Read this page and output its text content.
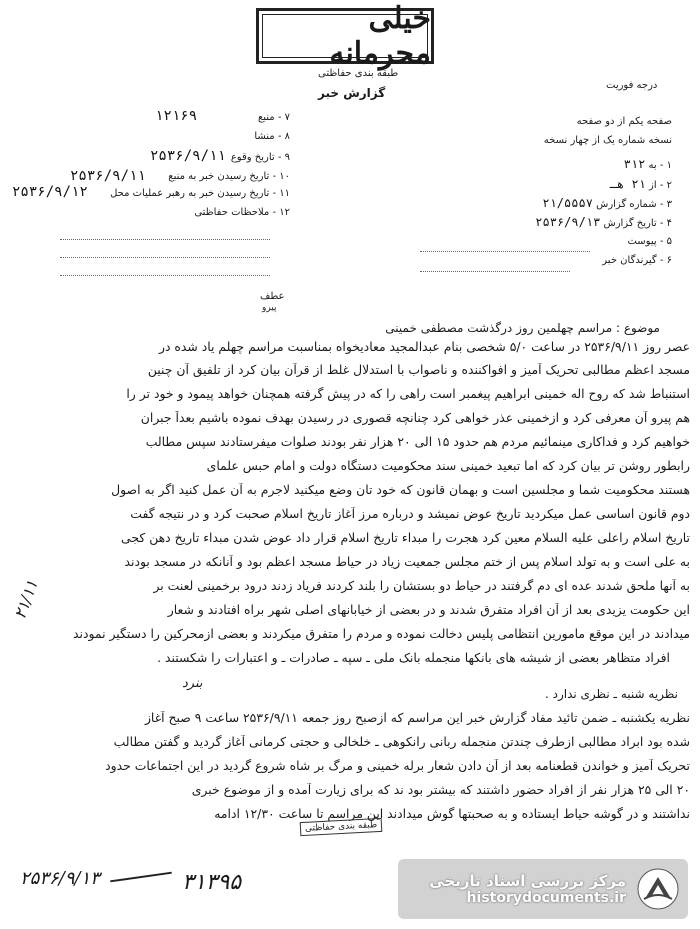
خیلی محرمانه
طبقه بندی حفاظتی
گزارش خبر
درجه فوریت
صفحه یکم از دو صفحه
نسخه شماره یک از چهار نسخه
۱ - به ۳۱۲
۲ - از ۲۱ هـ
۳ - شماره گزارش ۲۱/۵۵۵۷
۴ - تاریخ گزارش ۲۵۳۶/۹/۱۳
۵ - پیوست
۶ - گیرندگان خبر
۷ - منبع
۱۲۱۶۹
۸ - منشا
۹ - تاریخ وقوع
۲۵۳۶/۹/۱۱
۱۰ - تاریخ رسیدن خبر به منبع
۲۵۳۶/۹/۱۱
۱۱ - تاریخ رسیدن خبر به رهبر عملیات محل
۲۵۳۶/۹/۱۲
۱۲ - ملاحظات حفاظتی
عطف
پیرو
موضوع : مراسم چهلمین روز درگذشت مصطفی خمینی
عصر روز ۲۵۳۶/۹/۱۱ در ساعت ۵/۰ شخصی بنام عبدالمجید معادیخواه بمناسبت مراسم چهلم یاد شده در
مسجد اعظم مطالبی تحریک آمیز و افواکننده و ناصواب با استدلال غلط از قرآن بیان کرد از تلفیق آن چنین
استنباط شد که روح اله خمینی ابراهیم پیغمبر است راهی را که در پیش گرفته همچنان خواهد پیمود و خود تر را
هم پیرو آن معرفی کرد و ازخمینی عذر خواهی کرد چنانچه قصوری در رسیدن بهدف نموده باشیم بعداً جبران
خواهیم کرد و فداکاری مینمائیم مردم هم حدود ۱۵ الی ۲۰ هزار نفر بودند صلوات میفرستادند سپس مطالب
رابطور روشن تر بیان کرد که اما تبعید خمینی سند محکومیت دستگاه دولت و امام حبس علمای
هستند محکومیت شما و مجلسین است و بهمان قانون که خود تان وضع میکنید لاجرم به آن عمل کنید اگر به اصول
دوم قانون اساسی عمل میکردید تاریخ عوض نمیشد و درباره مرز آغاز تاریخ اسلام صحبت کرد و در نتیجه گفت
تاریخ اسلام راعلی علیه السلام معین کرد هجرت را مبداء تاریخ اسلام قرار داد عوض شدن مبداء تاریخ دهن کجی
به علی است و به تولد اسلام پس از ختم مجلس جمعیت زیاد در حیاط مسجد اعظم بود و آنانکه در مسجد بودند
به آنها ملحق شدند عده ای دم گرفتند در حیاط دو بستشان را بلند کردند فریاد زدند درود برخمینی لعنت بر
این حکومت یزیدی بعد از آن افراد متفرق شدند و در بعضی از خیابانهای اصلی شهر براه افتادند و شعار
میدادند در این موقع مامورین انتظامی پلیس دخالت نموده و مردم را متفرق میکردند و بعضی ازمحرکین را دستگیر نمودند
افراد متظاهر بعضی از شیشه های بانکها منجمله بانک ملی ـ سپه ـ صادرات ـ و اعتبارات را شکستند .
۲۱/۱۱
بنرد
نظریه شنبه ـ نظری ندارد .
نظریه یکشنبه ـ ضمن تائید مفاد گزارش خبر این مراسم که ازصبح روز جمعه ۲۵۳۶/۹/۱۱ ساعت ۹ صبح آغاز
شده بود ابراد مطالبی ازطرف چندتن منجمله ربانی رانکوهی ـ خلخالی و حجتی کرمانی آغاز گردید و گفتن مطالب
تحریک آمیز و خواندن قطعنامه بعد از آن دادن شعار برله خمینی و مرگ بر شاه شروع گردید در این اجتماعات حدود
۲۰ الی ۲۵ هزار نفر از افراد حضور داشتند که بیشتر بود ند که برای زیارت آمده و از موضوع خبری
نداشتند و در گوشه حیاط ایستاده و به صحبتها گوش میدادند این مراسم تا ساعت ۱۲/۳۰ ادامه
طبقه بندی حفاظتی
۲۵۳۶/۹/۱۳	۳۱۳۹۵	مرکز بررسی اسناد تاریخی
historydocuments.ir
